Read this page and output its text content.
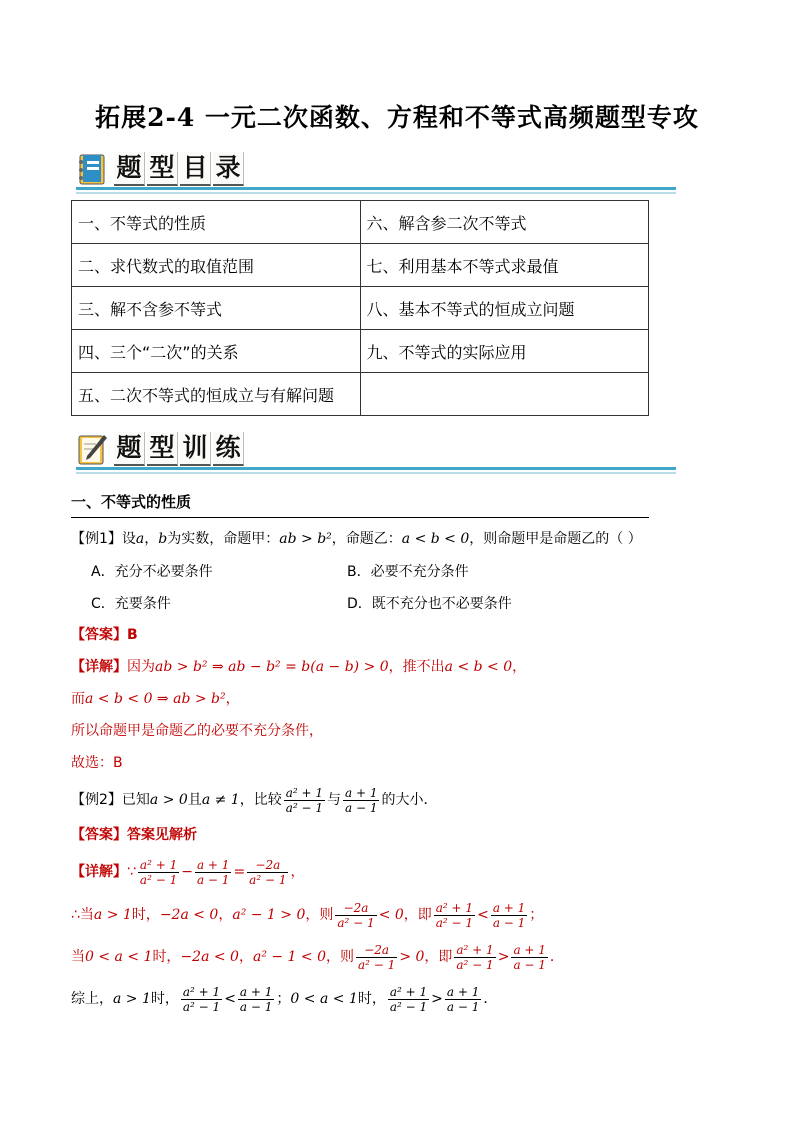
拓展2-4 一元二次函数、方程和不等式高频题型专攻
题 型 目 录
一、不等式的性质	六、解含参二次不等式
二、求代数式的取值范围	七、利用基本不等式求最值
三、解不含参不等式	八、基本不等式的恒成立问题
四、三个“二次”的关系	九、不等式的实际应用
五、二次不等式的恒成立与有解问题	
题 型 训 练
一、不等式的性质
【例1】设a，b为实数，命题甲：ab > b²，命题乙：a < b < 0，则命题甲是命题乙的（ ）
A．充分不必要条件	B．必要不充分条件
C．充要条件	D．既不充分也不必要条件
【答案】B
【详解】因为ab > b² ⇒ ab − b² = b(a − b) > 0，推不出a < b < 0，
而a < b < 0 ⇒ ab > b²，
所以命题甲是命题乙的必要不充分条件，
故选：B
【例2】已知a > 0且a ≠ 1，比较 $\frac{\text{a² + 1}}{\text{a² − 1}}$ 与 $\frac{a + 1}{a - 1}$ 的大小．
【答案】答案见解析
【详解】∵ $\frac{\text{a² + 1}}{\text{a² − 1}} - \frac{a + 1}{a - 1} = \frac{-2a}{\text{a² − 1}}$ ，
∴当a > 1时，−2a < 0，a² − 1 > 0，则 $\frac{-2a}{\text{a² − 1}} < 0$，即 $\frac{\text{a² + 1}}{\text{a² − 1}} < \frac{a + 1}{a - 1}$ ；
当0 < a < 1时，−2a < 0，a² − 1 < 0，则 $\frac{-2a}{\text{a² − 1}} > 0$，即 $\frac{\text{a² + 1}}{\text{a² − 1}} > \frac{a + 1}{a - 1}$ ．
综上，a > 1时， $\frac{\text{a² + 1}}{\text{a² − 1}} < \frac{a + 1}{a - 1}$ ；0 < a < 1时， $\frac{\text{a² + 1}}{\text{a² − 1}} > \frac{a + 1}{a - 1}$ ．
